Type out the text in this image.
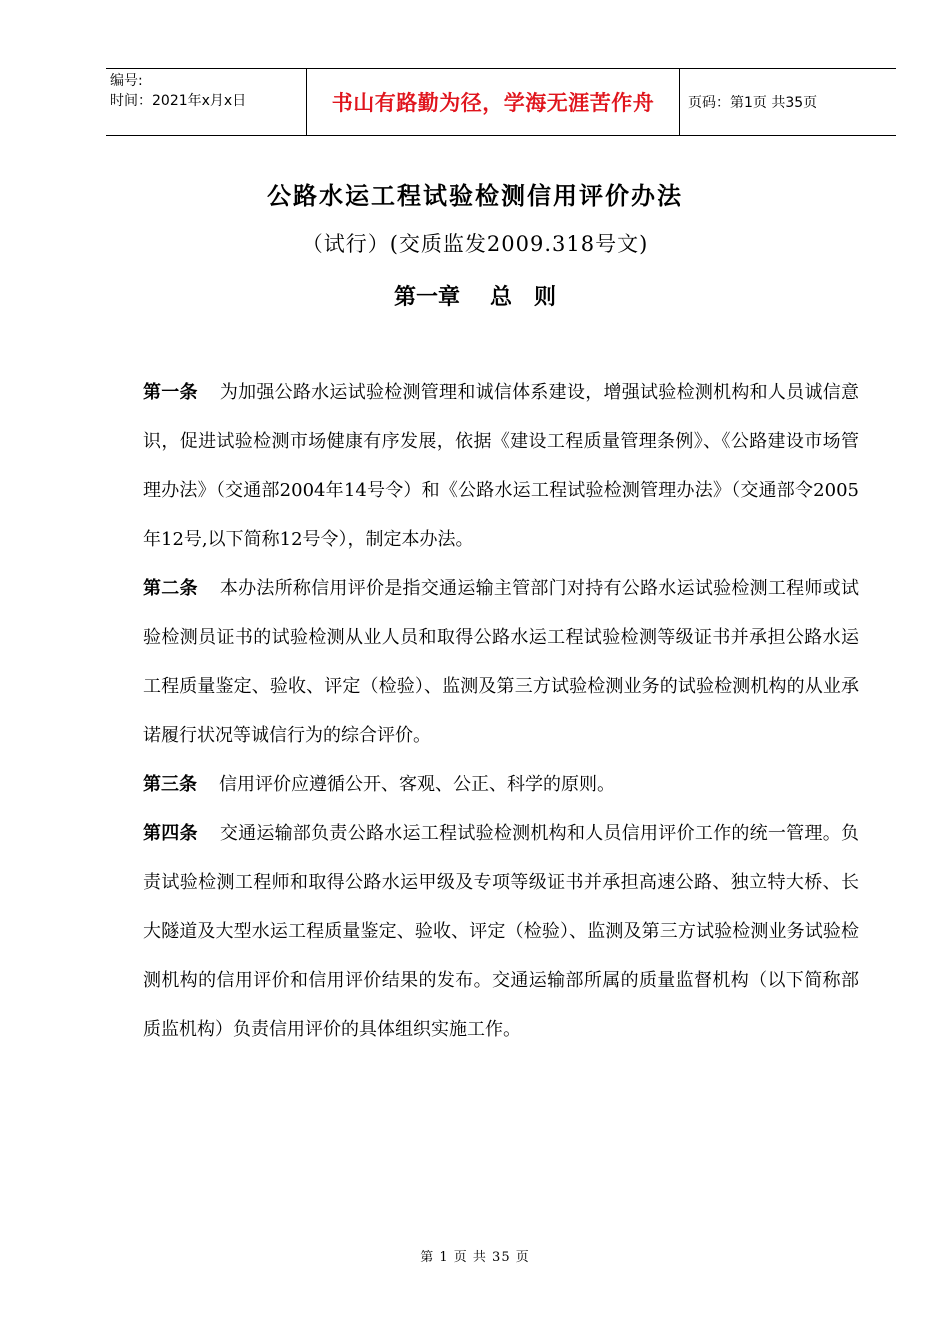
编号:
时间：2021年x月x日	书山有路勤为径，学海无涯苦作舟	页码：第1页 共35页
公路水运工程试验检测信用评价办法
（试行）(交质监发2009.318号文)
第一章 总　则

第一条 为加强公路水运试验检测管理和诚信体系建设，增强试验检测机构和人员诚信意识，促进试验检测市场健康有序发展，依据《建设工程质量管理条例》、《公路建设市场管理办法》（交通部2004年14号令）和《公路水运工程试验检测管理办法》（交通部令2005年12号,以下简称12号令），制定本办法。

第二条 本办法所称信用评价是指交通运输主管部门对持有公路水运试验检测工程师或试验检测员证书的试验检测从业人员和取得公路水运工程试验检测等级证书并承担公路水运工程质量鉴定、验收、评定（检验）、监测及第三方试验检测业务的试验检测机构的从业承诺履行状况等诚信行为的综合评价。

第三条 信用评价应遵循公开、客观、公正、科学的原则。

第四条 交通运输部负责公路水运工程试验检测机构和人员信用评价工作的统一管理。负责试验检测工程师和取得公路水运甲级及专项等级证书并承担高速公路、独立特大桥、长大隧道及大型水运工程质量鉴定、验收、评定（检验）、监测及第三方试验检测业务试验检测机构的信用评价和信用评价结果的发布。交通运输部所属的质量监督机构（以下简称部质监机构）负责信用评价的具体组织实施工作。

第 1 页 共 35 页
